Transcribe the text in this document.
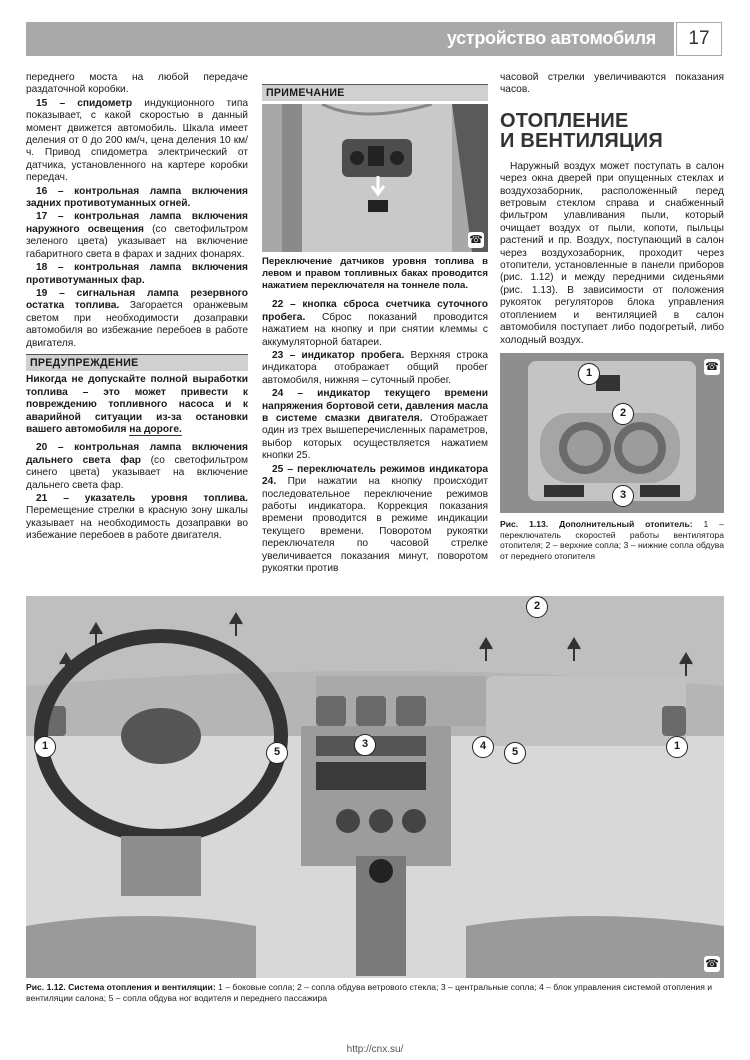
устройство автомобиля	17

переднего моста на любой передаче раздаточной коробки.

15 – спидометр индукционного типа показывает, с какой скоростью в данный момент движется автомобиль. Шкала имеет деления от 0 до 200 км/ч, цена деления 10 км/ч. Привод спидометра электрический от датчика, установленного на картере коробки передач.

16 – контрольная лампа включения задних противотуманных огней.

17 – контрольная лампа включения наружного освещения (со светофильтром зеленого цвета) указывает на включение габаритного света в фарах и задних фонарях.

18 – контрольная лампа включения противотуманных фар.

19 – сигнальная лампа резервного остатка топлива. Загорается оранжевым светом при необходимости дозаправки автомобиля во избежание перебоев в работе двигателя.

ПРЕДУПРЕЖДЕНИЕ
Никогда не допускайте полной выработки топлива – это может привести к повреждению топливного насоса и к аварийной ситуации из-за остановки вашего автомобиля на дороге.

20 – контрольная лампа включения дальнего света фар (со светофильтром синего цвета) указывает на включение дальнего света фар.

21 – указатель уровня топлива. Перемещение стрелки в красную зону шкалы указывает на необходимость дозаправки во избежание перебоев в работе двигателя.

ПРИМЕЧАНИЕ
☎

Переключение датчиков уровня топлива в левом и правом топливных баках проводится нажатием переключателя на тоннеле пола.

22 – кнопка сброса счетчика суточного пробега. Сброс показаний проводится нажатием на кнопку и при снятии клеммы с аккумуляторной батареи.

23 – индикатор пробега. Верхняя строка индикатора отображает общий пробег автомобиля, нижняя – суточный пробег.

24 – индикатор текущего времени напряжения бортовой сети, давления масла в системе смазки двигателя. Отображает один из трех вышеперечисленных параметров, выбор которых осуществляется нажатием кнопки 25.

25 – переключатель режимов индикатора 24. При нажатии на кнопку происходит последовательное переключение режимов работы индикатора. Коррекция показания времени проводится в режиме индикации текущего времени. Поворотом рукоятки переключателя по часовой стрелке увеличивается показания минут, поворотом рукоятки против

часовой стрелки увеличиваются показания часов.

ОТОПЛЕНИЕ
И ВЕНТИЛЯЦИЯ

Наружный воздух может поступать в салон через окна дверей при опущенных стеклах и воздухозаборник, расположенный перед ветровым стеклом справа и снабженный фильтром улавливания пыли, который очищает воздух от пыли, копоти, пыльцы растений и пр. Воздух, поступающий в салон через воздухозаборник, проходит через отопители, установленные в панели приборов (рис. 1.12) и между передними сиденьями (рис. 1.13). В зависимости от положения рукояток регуляторов блока управления отоплением и вентиляцией в салон автомобиля поступает либо подогретый, либо холодный воздух.

1
2
3
☎

Рис. 1.13. Дополнительный отопитель: 1 – переключатель скоростей работы вентилятора отопителя; 2 – верхние сопла; 3 – нижние сопла обдува от переднего отопителя

1
2
3	4
5	5	1
☎
Рис. 1.12. Система отопления и вентиляции: 1 – боковые сопла; 2 – сопла обдува ветрового стекла; 3 – центральные сопла; 4 – блок управления системой отопления и вентиляции салона; 5 – сопла обдува ног водителя и переднего пассажира
http://cnx.su/
